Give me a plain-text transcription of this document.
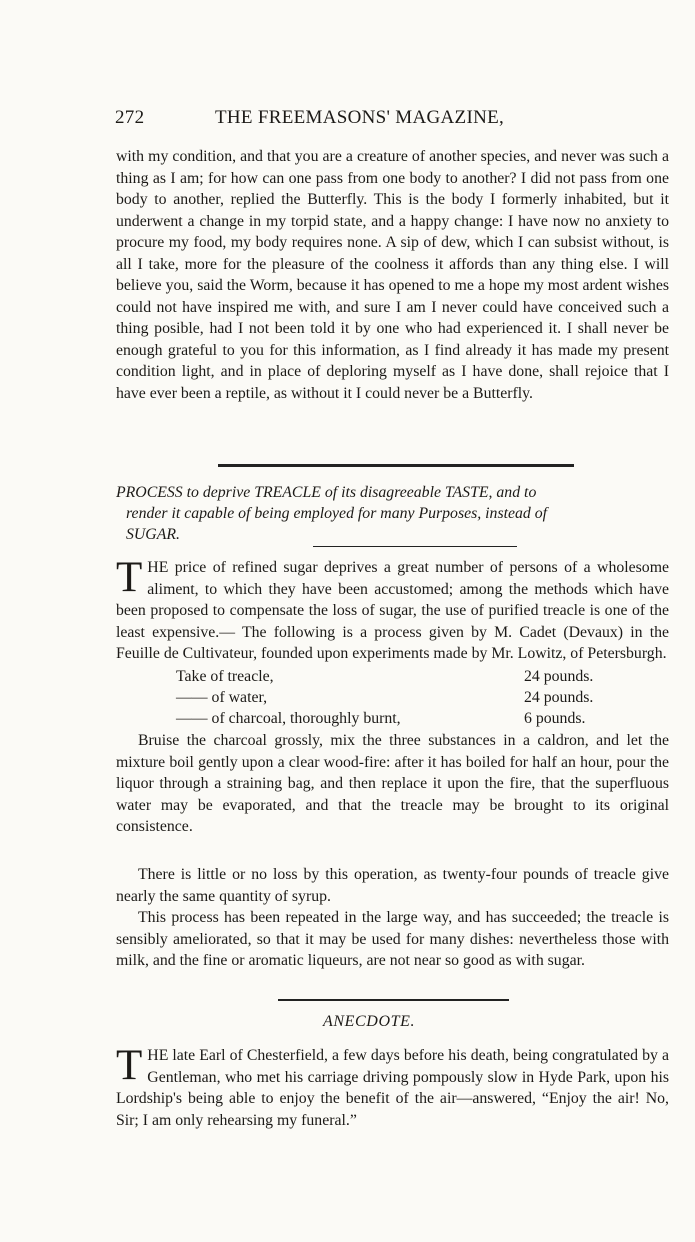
272	THE FREEMASONS' MAGAZINE,

with my condition, and that you are a creature of another species, and never was such a thing as I am; for how can one pass from one body to another? I did not pass from one body to another, replied the Butterfly. This is the body I formerly inhabited, but it underwent a change in my torpid state, and a happy change: I have now no anxiety to procure my food, my body requires none. A sip of dew, which I can subsist without, is all I take, more for the pleasure of the coolness it affords than any thing else. I will believe you, said the Worm, because it has opened to me a hope my most ardent wishes could not have inspired me with, and sure I am I never could have conceived such a thing posible, had I not been told it by one who had experienced it. I shall never be enough grateful to you for this information, as I find already it has made my present condition light, and in place of deploring myself as I have done, shall rejoice that I have ever been a reptile, as without it I could never be a Butterfly.

PROCESS to deprive TREACLE of its disagreeable TASTE, and to
render it capable of being employed for many Purposes, instead of
SUGAR.
T HE price of refined sugar deprives a great number of persons of a wholesome aliment, to which they have been accustomed; among the methods which have been proposed to compensate the loss of sugar, the use of purified treacle is one of the least expensive.— The following is a process given by M. Cadet (Devaux) in the Feuille de Cultivateur, founded upon experiments made by Mr. Lowitz, of Petersburgh.

Take of treacle,	24 pounds.
—— of water,	24 pounds.
—— of charcoal, thoroughly burnt,	6 pounds.

Bruise the charcoal grossly, mix the three substances in a caldron, and let the mixture boil gently upon a clear wood-fire: after it has boiled for half an hour, pour the liquor through a straining bag, and then replace it upon the fire, that the superfluous water may be evaporated, and that the treacle may be brought to its original consistence.

There is little or no loss by this operation, as twenty-four pounds of treacle give nearly the same quantity of syrup.

This process has been repeated in the large way, and has succeeded; the treacle is sensibly ameliorated, so that it may be used for many dishes: nevertheless those with milk, and the fine or aromatic liqueurs, are not near so good as with sugar.

ANECDOTE.
T HE late Earl of Chesterfield, a few days before his death, being congratulated by a Gentleman, who met his carriage driving pompously slow in Hyde Park, upon his Lordship's being able to enjoy the benefit of the air—answered, “Enjoy the air! No, Sir; I am only rehearsing my funeral.”
